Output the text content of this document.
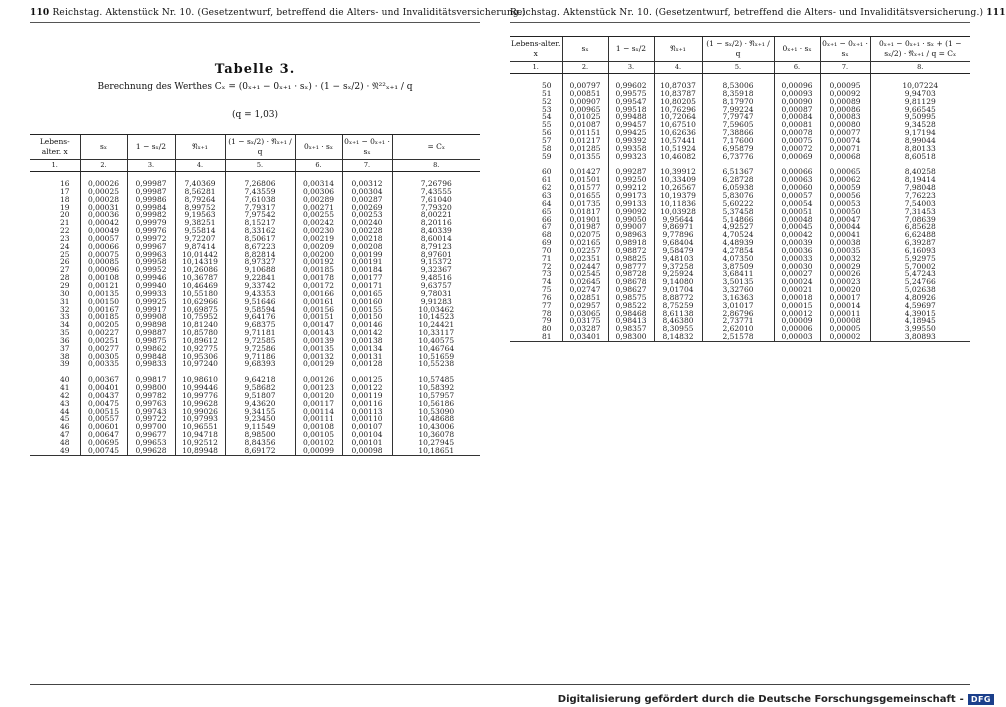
110 Reichstag. Aktenstück Nr. 10. (Gesetzentwurf, betreffend die Alters- und Invaliditätsversicherung.)
Tabelle 3.
Berechnung des Werthes Cₓ = (0ₓ₊₁ − 0ₓ₊₁ · sₓ) · (1 − sₓ/2) · 𝔑²²ₓ₊₁ / q
(q = 1,03)
Lebens-alter. x	sₓ	1 − sₓ/2	𝔑ₓ₊₁	(1 − sₓ/2) · 𝔑ₓ₊₁ / q	0ₓ₊₁ · sₓ	0ₓ₊₁ − 0ₓ₊₁ · sₓ	= Cₓ
1.	2.	3.	4.	5.	6.	7.	8.

16	0,00026	0,99987	7,40369	7,26806	0,00314	0,00312	7,26796
17	0,00025	0,99987	8,56281	7,43559	0,00306	0,00304	7,43555
18	0,00028	0,99986	8,79264	7,61038	0,00289	0,00287	7,61040
19	0,00031	0,99984	8,99752	7,79317	0,00271	0,00269	7,79320
20	0,00036	0,99982	9,19563	7,97542	0,00255	0,00253	8,00221
21	0,00042	0,99979	9,38251	8,15217	0,00242	0,00240	8,20116
22	0,00049	0,99976	9,55814	8,33162	0,00230	0,00228	8,40339
23	0,00057	0,99972	9,72207	8,50617	0,00219	0,00218	8,60014
24	0,00066	0,99967	9,87414	8,67223	0,00209	0,00208	8,79123
25	0,00075	0,99963	10,01442	8,82814	0,00200	0,00199	8,97601
26	0,00085	0,99958	10,14319	8,97327	0,00192	0,00191	9,15372
27	0,00096	0,99952	10,26086	9,10688	0,00185	0,00184	9,32367
28	0,00108	0,99946	10,36787	9,22841	0,00178	0,00177	9,48516
29	0,00121	0,99940	10,46469	9,33742	0,00172	0,00171	9,63757
30	0,00135	0,99933	10,55180	9,43353	0,00166	0,00165	9,78031
31	0,00150	0,99925	10,62966	9,51646	0,00161	0,00160	9,91283
32	0,00167	0,99917	10,69875	9,58594	0,00156	0,00155	10,03462
33	0,00185	0,99908	10,75952	9,64176	0,00151	0,00150	10,14523
34	0,00205	0,99898	10,81240	9,68375	0,00147	0,00146	10,24421
35	0,00227	0,99887	10,85780	9,71181	0,00143	0,00142	10,33117
36	0,00251	0,99875	10,89612	9,72585	0,00139	0,00138	10,40575
37	0,00277	0,99862	10,92775	9,72586	0,00135	0,00134	10,46764
38	0,00305	0,99848	10,95306	9,71186	0,00132	0,00131	10,51659
39	0,00335	0,99833	10,97240	9,68393	0,00129	0,00128	10,55238

40	0,00367	0,99817	10,98610	9,64218	0,00126	0,00125	10,57485
41	0,00401	0,99800	10,99446	9,58682	0,00123	0,00122	10,58392
42	0,00437	0,99782	10,99776	9,51807	0,00120	0,00119	10,57957
43	0,00475	0,99763	10,99628	9,43620	0,00117	0,00116	10,56186
44	0,00515	0,99743	10,99026	9,34155	0,00114	0,00113	10,53090
45	0,00557	0,99722	10,97993	9,23450	0,00111	0,00110	10,48688
46	0,00601	0,99700	10,96551	9,11549	0,00108	0,00107	10,43006
47	0,00647	0,99677	10,94718	8,98500	0,00105	0,00104	10,36078
48	0,00695	0,99653	10,92512	8,84356	0,00102	0,00101	10,27945
49	0,00745	0,99628	10,89948	8,69172	0,00099	0,00098	10,18651
Reichstag. Aktenstück Nr. 10. (Gesetzentwurf, betreffend die Alters- und Invaliditätsversicherung.) 111
Lebens-alter. x	sₓ	1 − sₓ/2	𝔑ₓ₊₁	(1 − sₓ/2) · 𝔑ₓ₊₁ / q	0ₓ₊₁ · sₓ	0ₓ₊₁ − 0ₓ₊₁ · sₓ	0ₓ₊₁ − 0ₓ₊₁ · sₓ + (1 − sₓ/2) · 𝔑ₓ₊₁ / q = Cₓ
1.	2.	3.	4.	5.	6.	7.	8.

50	0,00797	0,99602	10,87037	8,53006	0,00096	0,00095	10,07224
51	0,00851	0,99575	10,83787	8,35918	0,00093	0,00092	9,94703
52	0,00907	0,99547	10,80205	8,17970	0,00090	0,00089	9,81129
53	0,00965	0,99518	10,76296	7,99224	0,00087	0,00086	9,66545
54	0,01025	0,99488	10,72064	7,79747	0,00084	0,00083	9,50995
55	0,01087	0,99457	10,67510	7,59605	0,00081	0,00080	9,34528
56	0,01151	0,99425	10,62636	7,38866	0,00078	0,00077	9,17194
57	0,01217	0,99392	10,57441	7,17600	0,00075	0,00074	8,99044
58	0,01285	0,99358	10,51924	6,95879	0,00072	0,00071	8,80133
59	0,01355	0,99323	10,46082	6,73776	0,00069	0,00068	8,60518

60	0,01427	0,99287	10,39912	6,51367	0,00066	0,00065	8,40258
61	0,01501	0,99250	10,33409	6,28728	0,00063	0,00062	8,19414
62	0,01577	0,99212	10,26567	6,05938	0,00060	0,00059	7,98048
63	0,01655	0,99173	10,19379	5,83076	0,00057	0,00056	7,76223
64	0,01735	0,99133	10,11836	5,60222	0,00054	0,00053	7,54003
65	0,01817	0,99092	10,03928	5,37458	0,00051	0,00050	7,31453
66	0,01901	0,99050	9,95644	5,14866	0,00048	0,00047	7,08639
67	0,01987	0,99007	9,86971	4,92527	0,00045	0,00044	6,85628
68	0,02075	0,98963	9,77896	4,70524	0,00042	0,00041	6,62488
69	0,02165	0,98918	9,68404	4,48939	0,00039	0,00038	6,39287
70	0,02257	0,98872	9,58479	4,27854	0,00036	0,00035	6,16093
71	0,02351	0,98825	9,48103	4,07350	0,00033	0,00032	5,92975
72	0,02447	0,98777	9,37258	3,87509	0,00030	0,00029	5,70002
73	0,02545	0,98728	9,25924	3,68411	0,00027	0,00026	5,47243
74	0,02645	0,98678	9,14080	3,50135	0,00024	0,00023	5,24766
75	0,02747	0,98627	9,01704	3,32760	0,00021	0,00020	5,02638
76	0,02851	0,98575	8,88772	3,16363	0,00018	0,00017	4,80926
77	0,02957	0,98522	8,75259	3,01017	0,00015	0,00014	4,59697
78	0,03065	0,98468	8,61138	2,86796	0,00012	0,00011	4,39015
79	0,03175	0,98413	8,46380	2,73771	0,00009	0,00008	4,18945
80	0,03287	0,98357	8,30955	2,62010	0,00006	0,00005	3,99550
81	0,03401	0,98300	8,14832	2,51578	0,00003	0,00002	3,80893
Digitalisierung gefördert durch die Deutsche Forschungsgemeinschaft - DFG
